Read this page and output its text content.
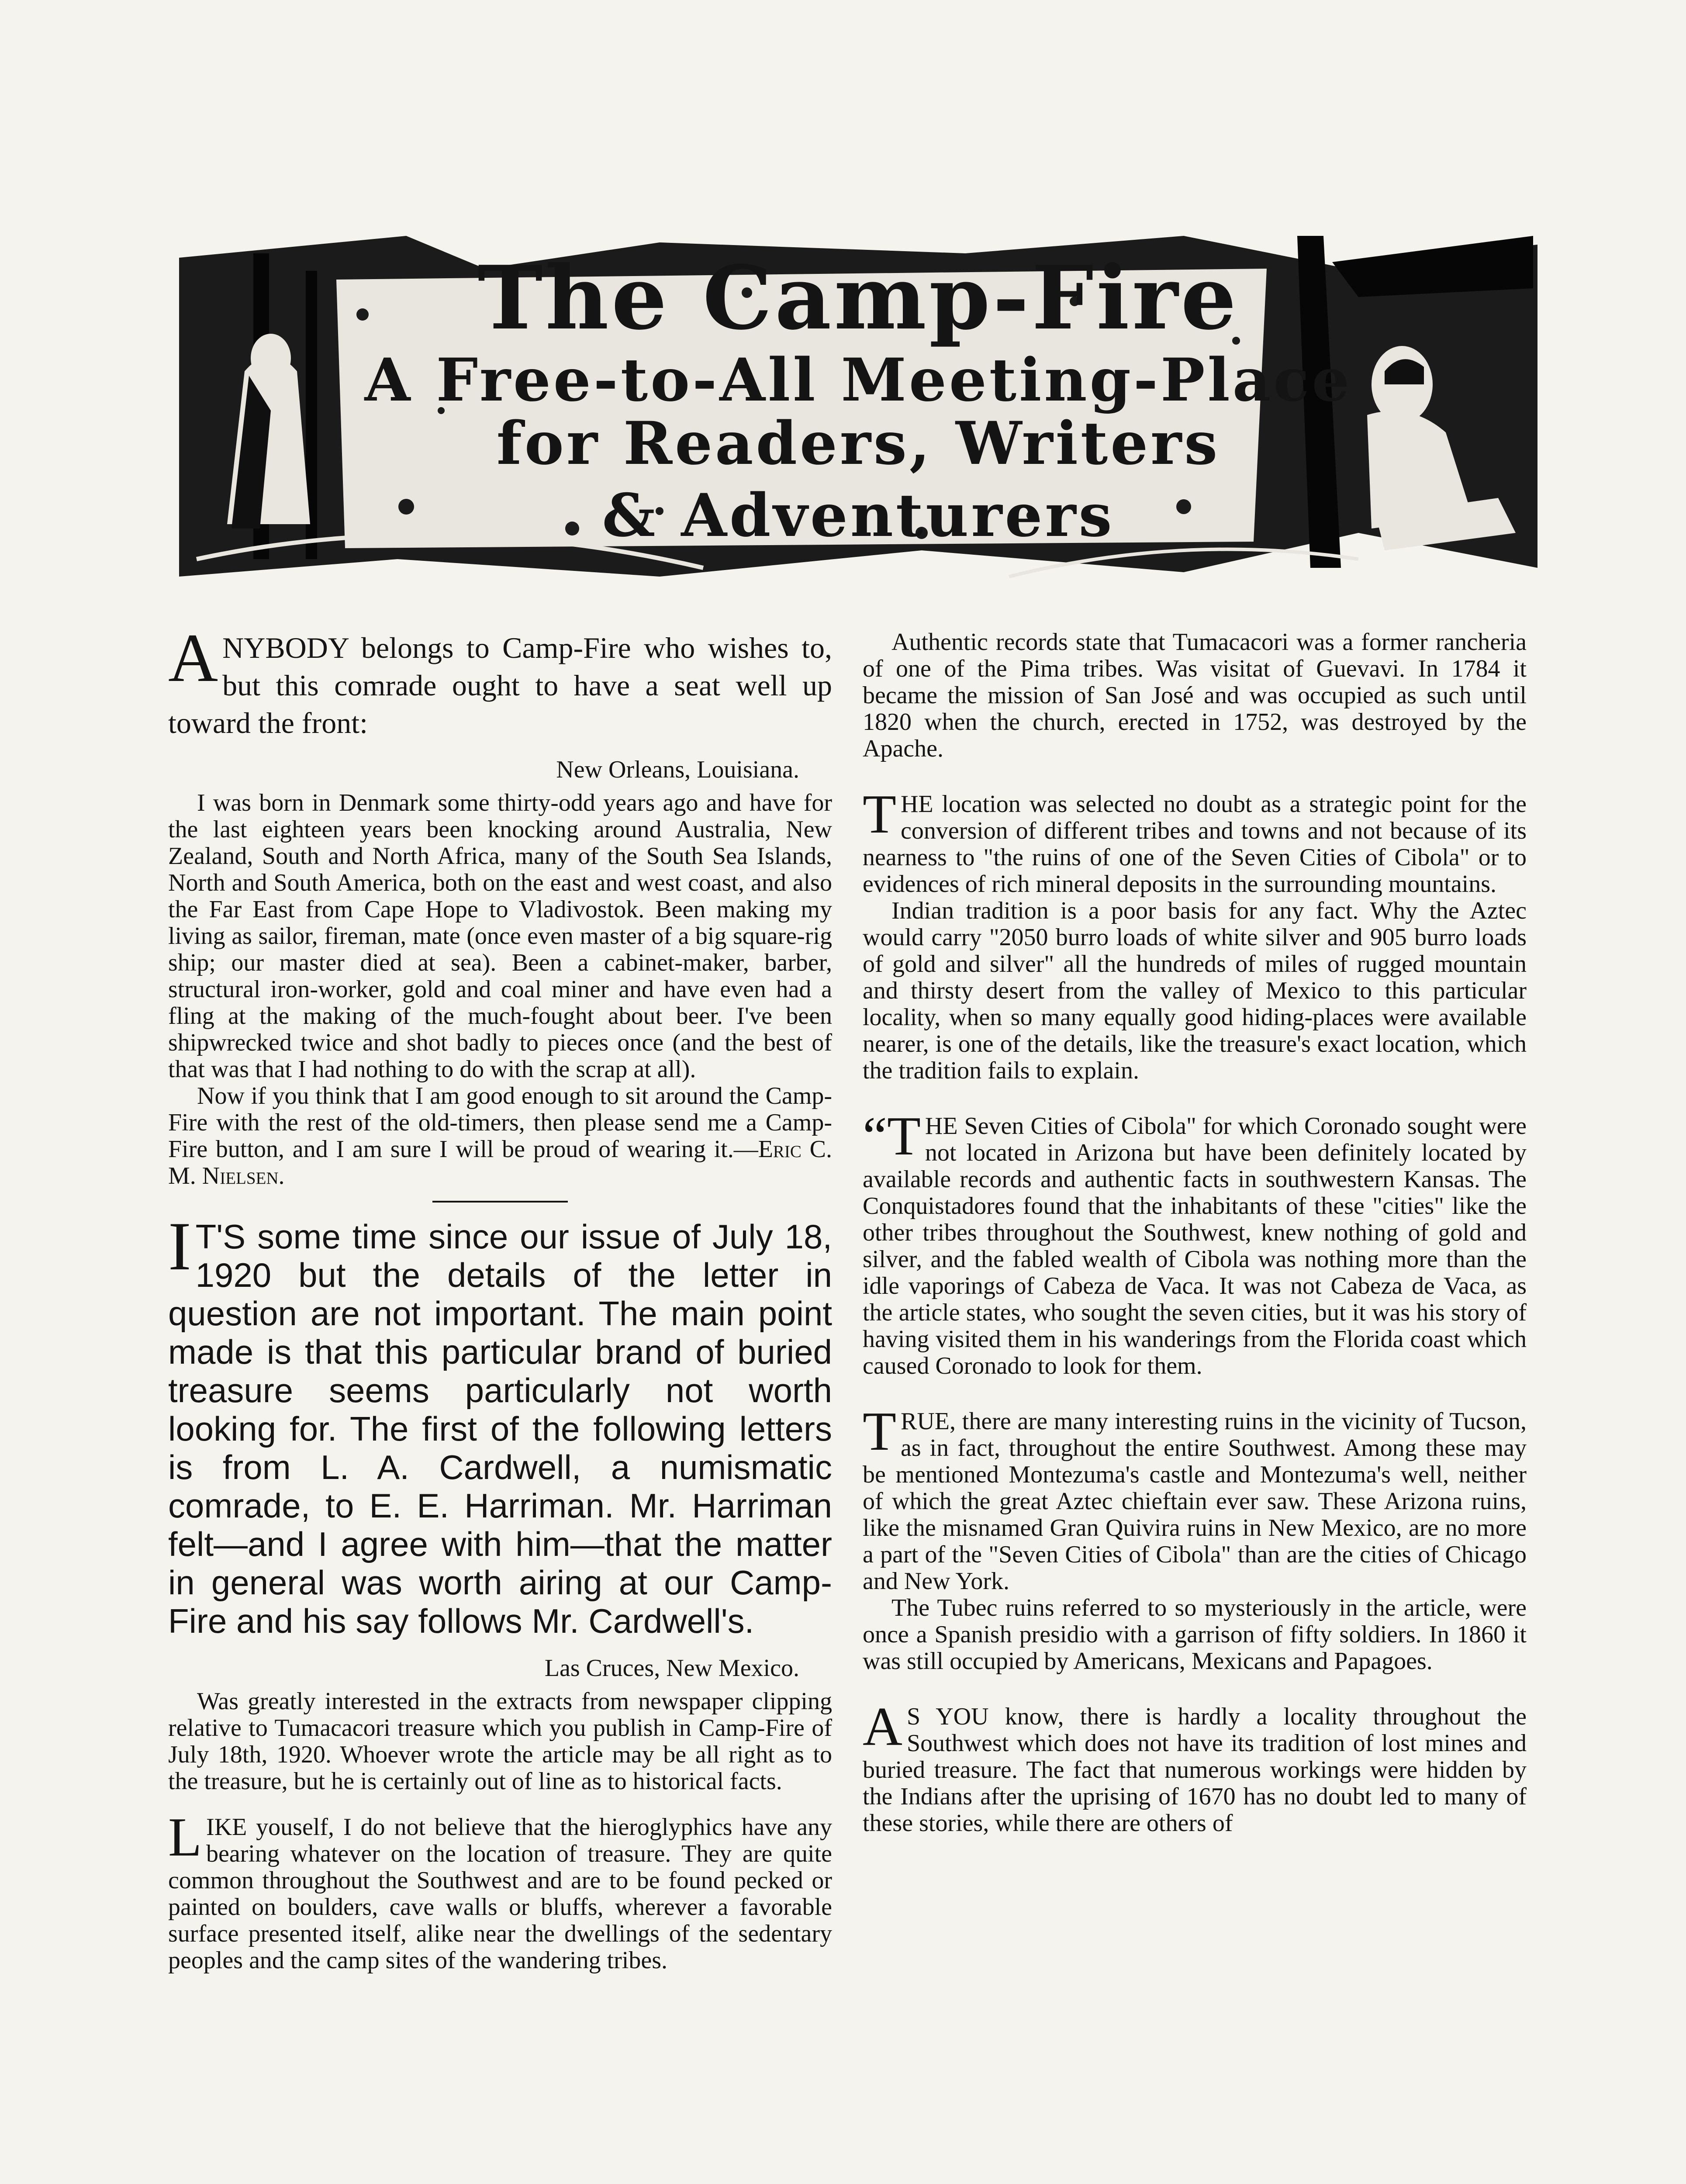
The Camp-Fire
A Free-to-All Meeting-Place
for Readers, Writers
& Adventurers

ANYBODY belongs to Camp-Fire who wishes to, but this comrade ought to have a seat well up toward the front:

New Orleans, Louisiana.

I was born in Denmark some thirty-odd years ago and have for the last eighteen years been knocking around Australia, New Zealand, South and North Africa, many of the South Sea Islands, North and South America, both on the east and west coast, and also the Far East from Cape Hope to Vladivostok. Been making my living as sailor, fireman, mate (once even master of a big square-rig ship; our master died at sea). Been a cabinet-maker, barber, structural iron-worker, gold and coal miner and have even had a fling at the making of the much-fought about beer. I've been shipwrecked twice and shot badly to pieces once (and the best of that was that I had nothing to do with the scrap at all).

Now if you think that I am good enough to sit around the Camp-Fire with the rest of the old-timers, then please send me a Camp-Fire button, and I am sure I will be proud of wearing it.—Eric C. M. Nielsen.

I T'S some time since our issue of July 18, 1920 but the details of the letter in question are not important. The main point made is that this particular brand of buried treasure seems particularly not worth looking for. The first of the following letters is from L. A. Cardwell, a numismatic comrade, to E. E. Harriman. Mr. Harriman felt—and I agree with him—that the matter in general was worth airing at our Camp-Fire and his say follows Mr. Cardwell's.

Las Cruces, New Mexico.

Was greatly interested in the extracts from newspaper clipping relative to Tumacacori treasure which you publish in Camp-Fire of July 18th, 1920. Whoever wrote the article may be all right as to the treasure, but he is certainly out of line as to historical facts.

LIKE youself, I do not believe that the hieroglyphics have any bearing whatever on the location of treasure. They are quite common throughout the Southwest and are to be found pecked or painted on boulders, cave walls or bluffs, wherever a favorable surface presented itself, alike near the dwellings of the sedentary peoples and the camp sites of the wandering tribes.

Authentic records state that Tumacacori was a former rancheria of one of the Pima tribes. Was visitat of Guevavi. In 1784 it became the mission of San José and was occupied as such until 1820 when the church, erected in 1752, was destroyed by the Apache.

THE location was selected no doubt as a strategic point for the conversion of different tribes and towns and not because of its nearness to "the ruins of one of the Seven Cities of Cibola" or to evidences of rich mineral deposits in the surrounding mountains.

Indian tradition is a poor basis for any fact. Why the Aztec would carry "2050 burro loads of white silver and 905 burro loads of gold and silver" all the hundreds of miles of rugged mountain and thirsty desert from the valley of Mexico to this particular locality, when so many equally good hiding-places were available nearer, is one of the details, like the treasure's exact location, which the tradition fails to explain.

“T HE Seven Cities of Cibola" for which Coronado sought were not located in Arizona but have been definitely located by available records and authentic facts in southwestern Kansas. The Conquistadores found that the inhabitants of these "cities" like the other tribes throughout the Southwest, knew nothing of gold and silver, and the fabled wealth of Cibola was nothing more than the idle vaporings of Cabeza de Vaca. It was not Cabeza de Vaca, as the article states, who sought the seven cities, but it was his story of having visited them in his wanderings from the Florida coast which caused Coronado to look for them.

TRUE, there are many interesting ruins in the vicinity of Tucson, as in fact, throughout the entire Southwest. Among these may be mentioned Montezuma's castle and Montezuma's well, neither of which the great Aztec chieftain ever saw. These Arizona ruins, like the misnamed Gran Quivira ruins in New Mexico, are no more a part of the "Seven Cities of Cibola" than are the cities of Chicago and New York.

The Tubec ruins referred to so mysteriously in the article, were once a Spanish presidio with a garrison of fifty soldiers. In 1860 it was still occupied by Americans, Mexicans and Papagoes.

A S YOU know, there is hardly a locality throughout the Southwest which does not have its tradition of lost mines and buried treasure. The fact that numerous workings were hidden by the Indians after the uprising of 1670 has no doubt led to many of these stories, while there are others of
